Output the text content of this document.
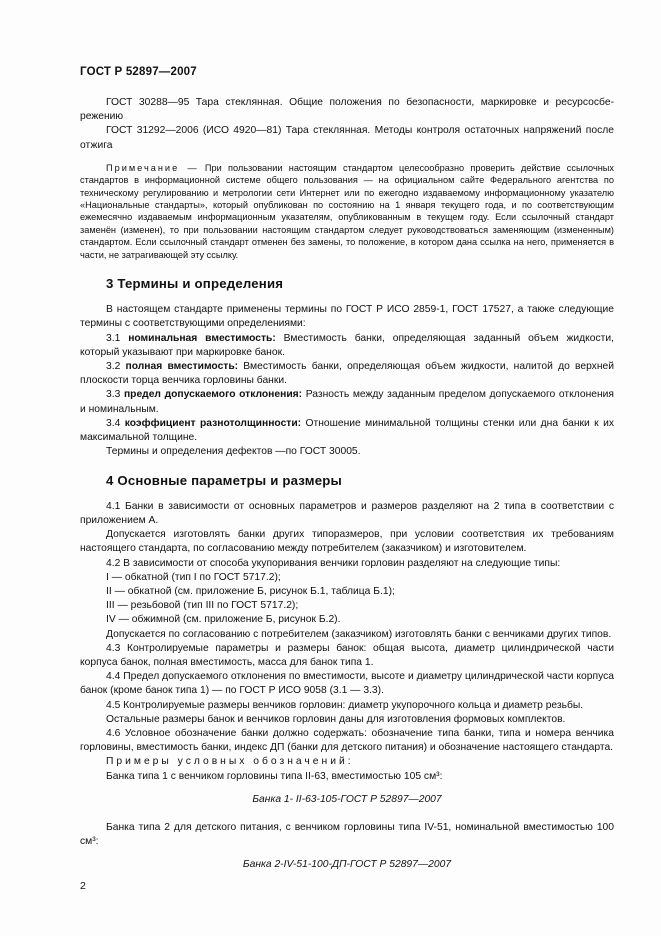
ГОСТ Р 52897—2007

ГОСТ 30288—95 Тара стеклянная. Общие положения по безопасности, маркировке и ресурсосбережению

ГОСТ 31292—2006 (ИСО 4920—81) Тара стеклянная. Методы контроля остаточных напряжений после отжига

Примечание — При пользовании настоящим стандартом целесообразно проверить действие ссылочных стандартов в информационной системе общего пользования — на официальном сайте Федерального агентства по техническому регулированию и метрологии сети Интернет или по ежегодно издаваемому информационному указателю «Национальные стандарты», который опубликован по состоянию на 1 января текущего года, и по соответствующим ежемесячно издаваемым информационным указателям, опубликованным в текущем году. Если ссылочный стандарт заменён (изменен), то при пользовании настоящим стандартом следует руководствоваться заменяющим (измененным) стандартом. Если ссылочный стандарт отменен без замены, то положение, в котором дана ссылка на него, применяется в части, не затрагивающей эту ссылку.

3 Термины и определения

В настоящем стандарте применены термины по ГОСТ Р ИСО 2859-1, ГОСТ 17527, а также следующие термины с соответствующими определениями:

3.1 номинальная вместимость: Вместимость банки, определяющая заданный объем жидкости, который указывают при маркировке банок.

3.2 полная вместимость: Вместимость банки, определяющая объем жидкости, налитой до верхней плоскости торца венчика горловины банки.

3.3 предел допускаемого отклонения: Разность между заданным пределом допускаемого отклонения и номинальным.

3.4 коэффициент разнотолщинности: Отношение минимальной толщины стенки или дна банки к их максимальной толщине.

Термины и определения дефектов —по ГОСТ 30005.

4 Основные параметры и размеры

4.1 Банки в зависимости от основных параметров и размеров разделяют на 2 типа в соответствии с приложением А.

Допускается изготовлять банки других типоразмеров, при условии соответствия их требованиям настоящего стандарта, по согласованию между потребителем (заказчиком) и изготовителем.

4.2 В зависимости от способа укупоривания венчики горловин разделяют на следующие типы:

I — обкатной (тип I по ГОСТ 5717.2);
II — обкатной (см. приложение Б, рисунок Б.1, таблица Б.1);
III — резьбовой (тип III по ГОСТ 5717.2);
IV — обжимной (см. приложение Б, рисунок Б.2).

Допускается по согласованию с потребителем (заказчиком) изготовлять банки с венчиками других типов.

4.3 Контролируемые параметры и размеры банок: общая высота, диаметр цилиндрической части корпуса банок, полная вместимость, масса для банок типа 1.

4.4 Предел допускаемого отклонения по вместимости, высоте и диаметру цилиндрической части корпуса банок (кроме банок типа 1) — по ГОСТ Р ИСО 9058 (3.1 — 3.3).

4.5 Контролируемые размеры венчиков горловин: диаметр укупорочного кольца и диаметр резьбы.

Остальные размеры банок и венчиков горловин даны для изготовления формовых комплектов.

4.6 Условное обозначение банки должно содержать: обозначение типа банки, типа и номера венчика горловины, вместимость банки, индекс ДП (банки для детского питания) и обозначение настоящего стандарта.

Примеры условных обозначений:

Банка типа 1 с венчиком горловины типа II-63, вместимостью 105 см³:

Банка 1- II-63-105-ГОСТ Р 52897—2007

Банка типа 2 для детского питания, с венчиком горловины типа IV-51, номинальной вместимостью 100 см³:

Банка 2-IV-51-100-ДП-ГОСТ Р 52897—2007

2
